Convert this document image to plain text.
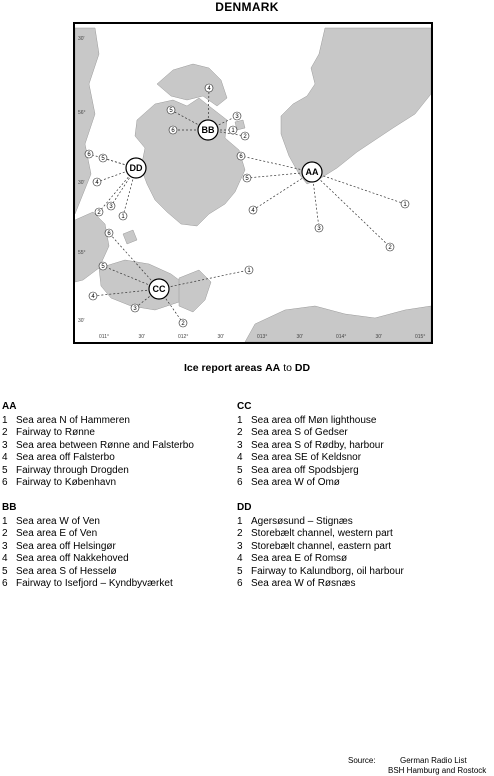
DENMARK
56°
30'
55°
30'
30'
011°	30'	012°	30'	013°	30'	014°	30'	015°
1
2
3
4
5
6
AA
1
2
3
4
5
6	BB
1
2
3
4
5
6
CC
1
2
3
4
5
6
DD
Ice report areas AA to DD
AA
1 Sea area N of Hammeren
2 Fairway to Rønne
3 Sea area between Rønne and Falsterbo
4 Sea area off Falsterbo
5 Fairway through Drogden
6 Fairway to København
CC
1 Sea area off Møn lighthouse
2 Sea area S of Gedser
3 Sea area S of Rødby, harbour
4 Sea area SE of Keldsnor
5 Sea area off Spodsbjerg
6 Sea area W of Omø
BB
1 Sea area W of Ven
2 Sea area E of Ven
3 Sea area off Helsingør
4 Sea area off Nakkehoved
5 Sea area S of Hesselø
6 Fairway to Isefjord – Kyndbyværket
DD
1 Agersøsund – Stignæs
2 Storebælt channel, western part
3 Storebælt channel, eastern part
4 Sea area E of Romsø
5 Fairway to Kalundborg, oil harbour
6 Sea area W of Røsnæs
Source:	German Radio List
BSH Hamburg and Rostock
